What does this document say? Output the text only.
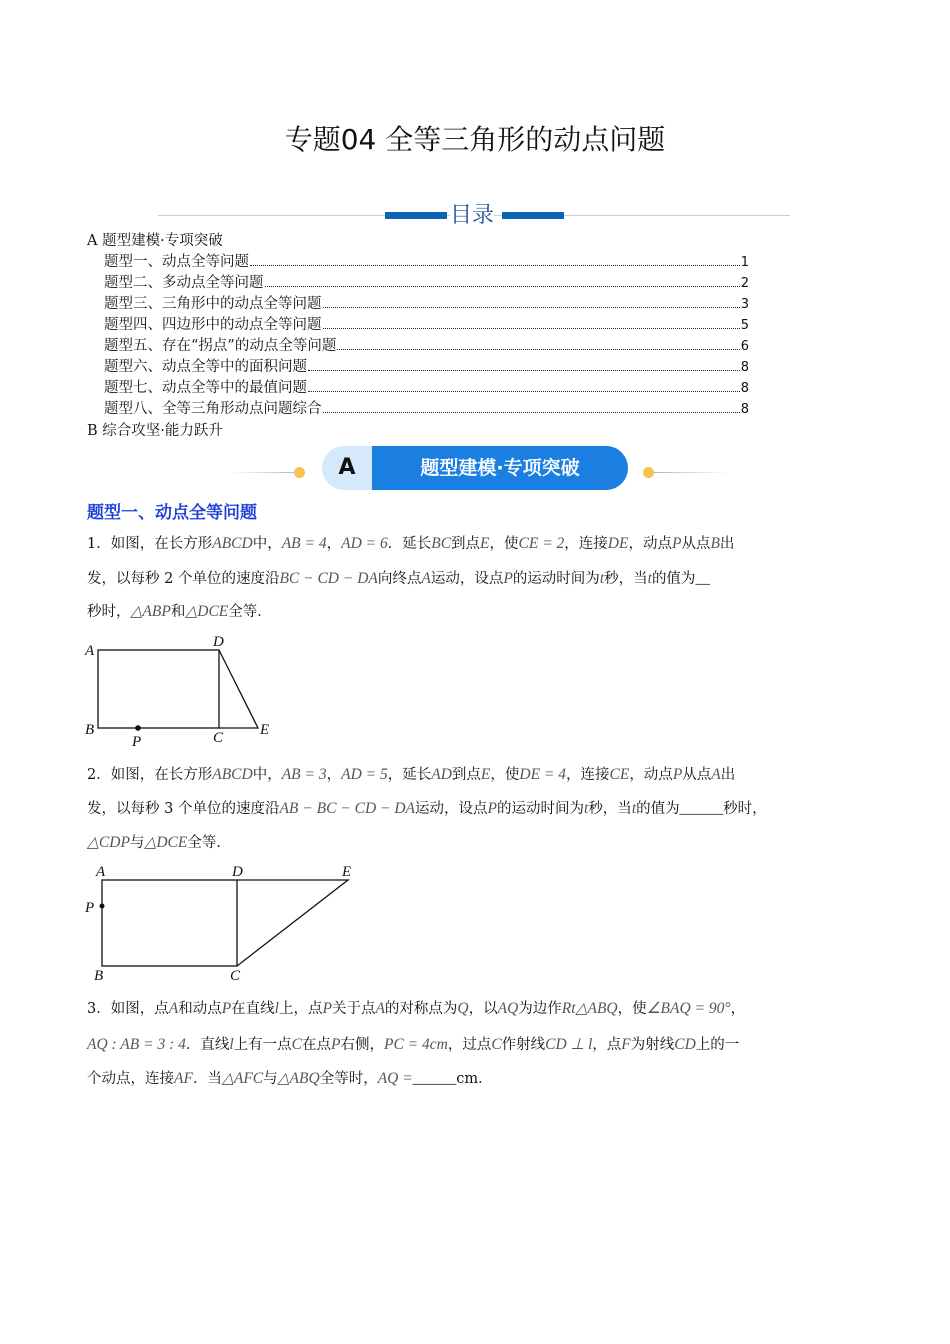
专题04 全等三角形的动点问题
目录
A 题型建模·专项突破
题型一、动点全等问题	1
题型二、多动点全等问题	2
题型三、三角形中的动点全等问题	3
题型四、四边形中的动点全等问题	5
题型五、存在“拐点”的动点全等问题	6
题型六、动点全等中的面积问题	8
题型七、动点全等中的最值问题	8
题型八、全等三角形动点问题综合	8
B 综合攻坚·能力跃升
A	题型建模·专项突破
题型一、动点全等问题
1．如图，在长方形ABCD中，AB = 4，AD = 6．延长BC到点E，使CE = 2，连接DE，动点P从点B出
发，以每秒 2 个单位的速度沿BC − CD − DA向终点A运动，设点P的运动时间为t秒，当t的值为__
秒时，△ABP和△DCE全等．
2．如图，在长方形ABCD中，AB = 3，AD = 5，延长AD到点E，使DE = 4，连接CE，动点P从点A出
发，以每秒 3 个单位的速度沿AB − BC − CD − DA运动，设点P的运动时间为t秒，当t的值为______秒时，
△CDP与△DCE全等．
3．如图，点A和动点P在直线l上，点P关于点A的对称点为Q，以AQ为边作Rt△ABQ，使∠BAQ = 90°，
AQ : AB = 3 : 4．直线l上有一点C在点P右侧，PC = 4cm，过点C作射线CD ⊥ l，点F为射线CD上的一
个动点，连接AF．当△AFC与△ABQ全等时，AQ =______cm．
A
D
B
P	C E
A	D	E
P
B	C
